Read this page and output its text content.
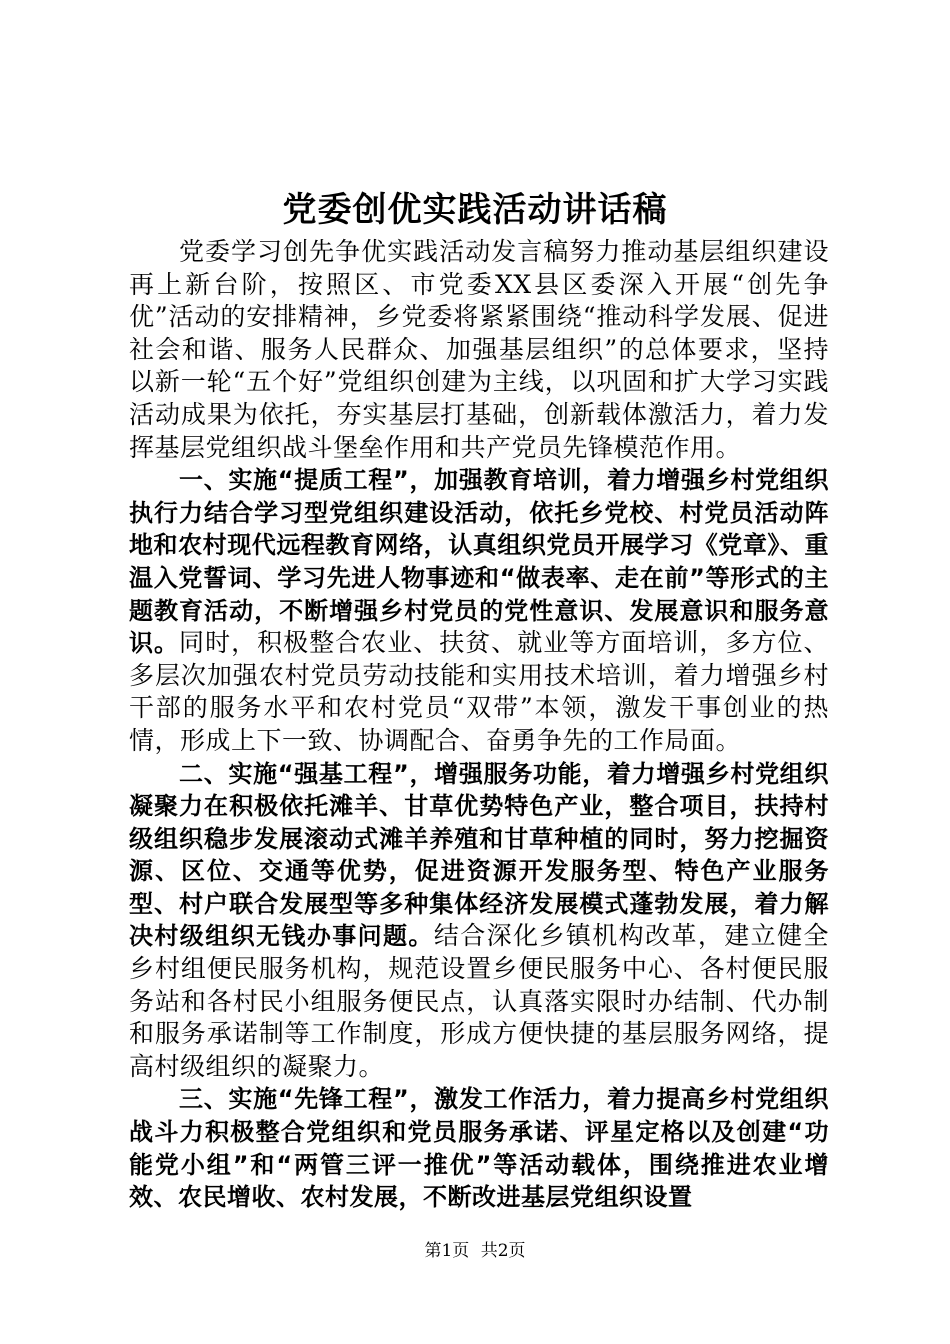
党委创优实践活动讲话稿

党委学习创先争优实践活动发言稿努力推动基层组织建设再上新台阶，按照区、市党委XX县区委深入开展“创先争优”活动的安排精神，乡党委将紧紧围绕“推动科学发展、促进社会和谐、服务人民群众、加强基层组织”的总体要求，坚持以新一轮“五个好”党组织创建为主线，以巩固和扩大学习实践活动成果为依托，夯实基层打基础，创新载体激活力，着力发挥基层党组织战斗堡垒作用和共产党员先锋模范作用。

一、实施“提质工程”，加强教育培训，着力增强乡村党组织执行力结合学习型党组织建设活动，依托乡党校、村党员活动阵地和农村现代远程教育网络，认真组织党员开展学习《党章》、重温入党誓词、学习先进人物事迹和“做表率、走在前”等形式的主题教育活动，不断增强乡村党员的党性意识、发展意识和服务意识。同时，积极整合农业、扶贫、就业等方面培训，多方位、多层次加强农村党员劳动技能和实用技术培训，着力增强乡村干部的服务水平和农村党员“双带”本领，激发干事创业的热情，形成上下一致、协调配合、奋勇争先的工作局面。

二、实施“强基工程”，增强服务功能，着力增强乡村党组织凝聚力在积极依托滩羊、甘草优势特色产业，整合项目，扶持村级组织稳步发展滚动式滩羊养殖和甘草种植的同时，努力挖掘资源、区位、交通等优势，促进资源开发服务型、特色产业服务型、村户联合发展型等多种集体经济发展模式蓬勃发展，着力解决村级组织无钱办事问题。结合深化乡镇机构改革，建立健全乡村组便民服务机构，规范设置乡便民服务中心、各村便民服务站和各村民小组服务便民点，认真落实限时办结制、代办制和服务承诺制等工作制度，形成方便快捷的基层服务网络，提高村级组织的凝聚力。

三、实施“先锋工程”，激发工作活力，着力提高乡村党组织战斗力积极整合党组织和党员服务承诺、评星定格以及创建“功能党小组”和“两管三评一推优”等活动载体，围绕推进农业增效、农民增收、农村发展，不断改进基层党组织设置

第1页 共2页
